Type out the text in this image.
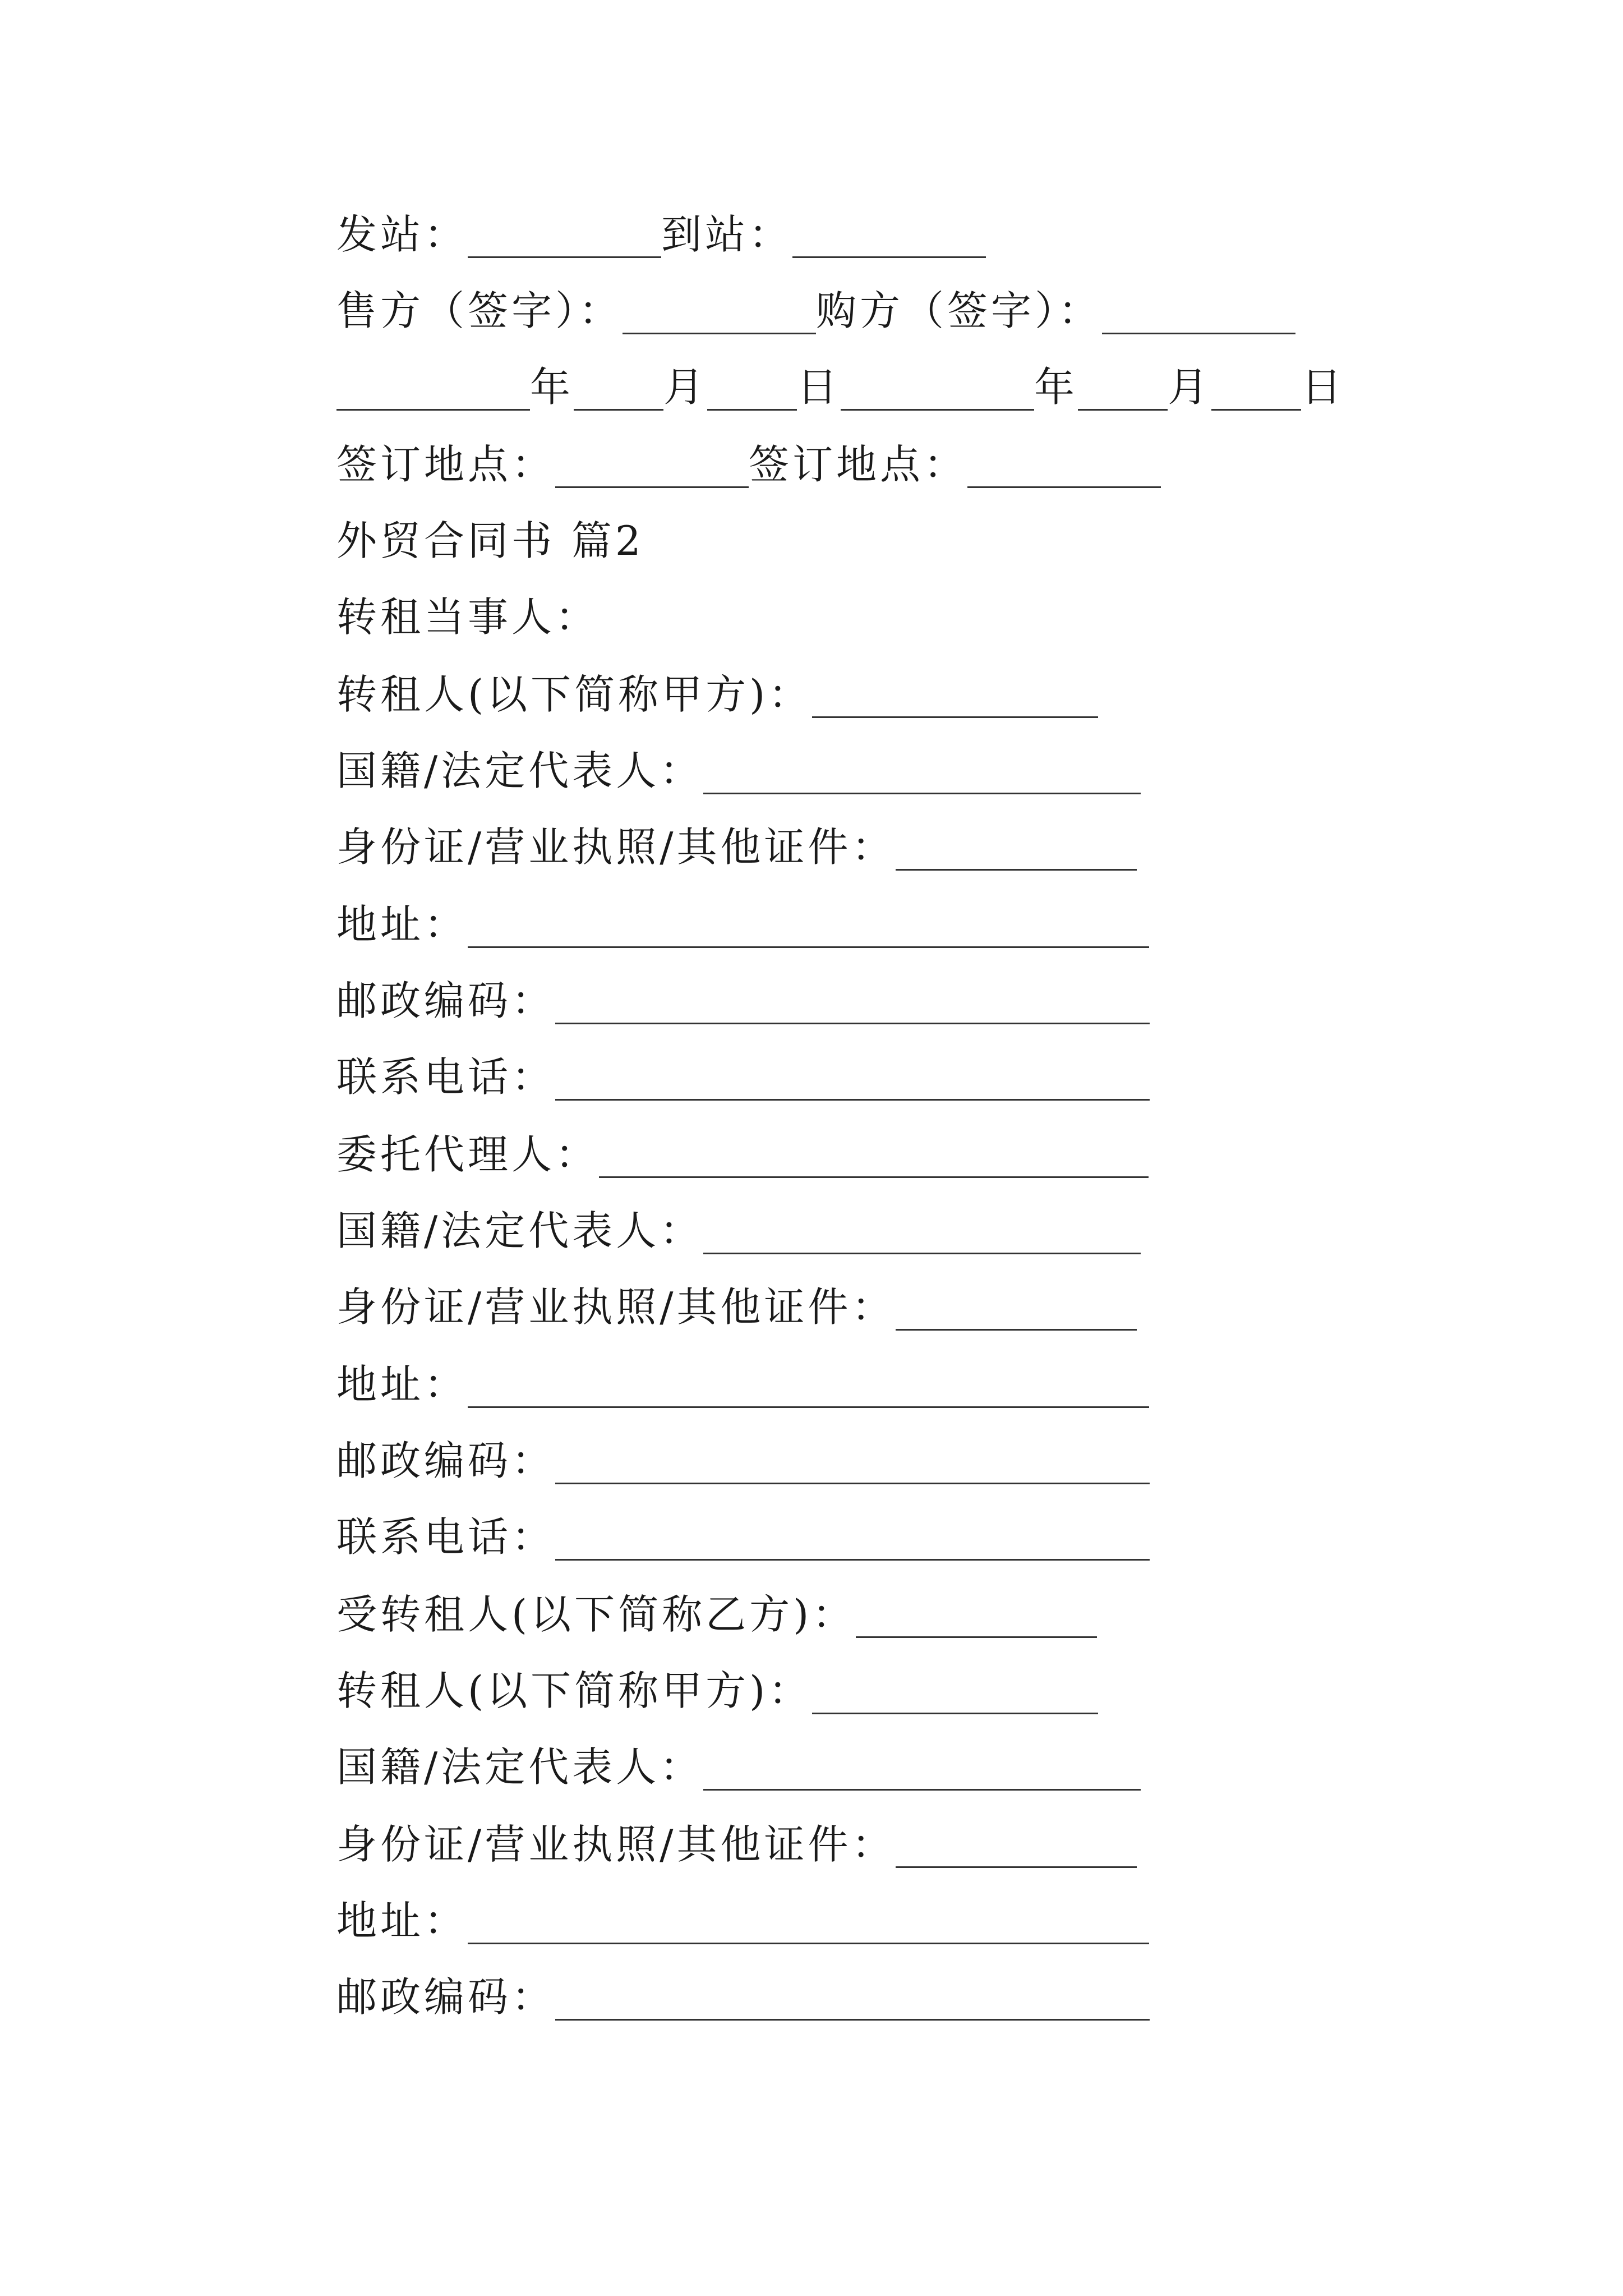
发站：	到站：
售方（签字）：	购方（签字）：
年 月 日	年 月 日
签订地点：	签订地点：
外贸合同书 篇2
转租当事人：
转租人(以下简称甲方)：
国籍/法定代表人：
身份证/营业执照/其他证件：
地址：
邮政编码：
联系电话：
委托代理人：
国籍/法定代表人：
身份证/营业执照/其他证件：
地址：
邮政编码：
联系电话：
受转租人(以下简称乙方)：
转租人(以下简称甲方)：
国籍/法定代表人：
身份证/营业执照/其他证件：
地址：
邮政编码：
